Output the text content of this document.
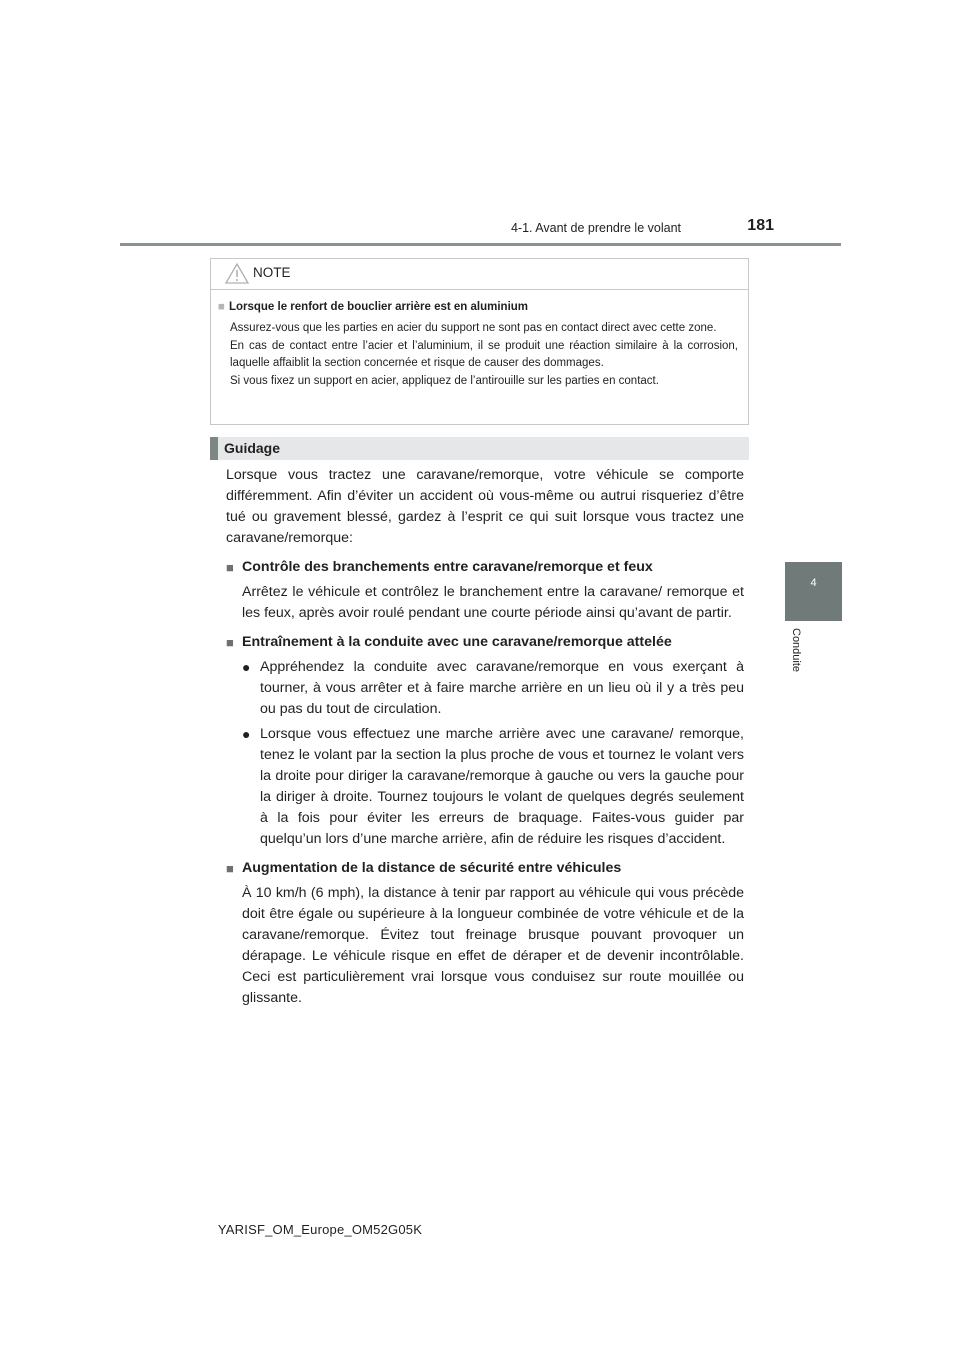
4-1. Avant de prendre le volant	181
4
Conduite
NOTE
■ Lorsque le renfort de bouclier arrière est en aluminium

Assurez-vous que les parties en acier du support ne sont pas en contact direct avec cette zone.

En cas de contact entre l’acier et l’aluminium, il se produit une réaction similaire à la corrosion, laquelle affaiblit la section concernée et risque de causer des dommages.

Si vous fixez un support en acier, appliquez de l’antirouille sur les parties en contact.

Guidage

Lorsque vous tractez une caravane/remorque, votre véhicule se comporte différemment. Afin d’éviter un accident où vous-même ou autrui risqueriez d’être tué ou gravement blessé, gardez à l’esprit ce qui suit lorsque vous tractez une caravane/remorque:

■ Contrôle des branchements entre caravane/remorque et feux

Arrêtez le véhicule et contrôlez le branchement entre la caravane/ remorque et les feux, après avoir roulé pendant une courte période ainsi qu’avant de partir.

■ Entraînement à la conduite avec une caravane/remorque attelée
● Appréhendez la conduite avec caravane/remorque en vous exerçant à tourner, à vous arrêter et à faire marche arrière en un lieu où il y a très peu ou pas du tout de circulation.
● Lorsque vous effectuez une marche arrière avec une caravane/ remorque, tenez le volant par la section la plus proche de vous et tournez le volant vers la droite pour diriger la caravane/remorque à gauche ou vers la gauche pour la diriger à droite. Tournez toujours le volant de quelques degrés seulement à la fois pour éviter les erreurs de braquage. Faites-vous guider par quelqu’un lors d’une marche arrière, afin de réduire les risques d’accident.
■ Augmentation de la distance de sécurité entre véhicules

À 10 km/h (6 mph), la distance à tenir par rapport au véhicule qui vous précède doit être égale ou supérieure à la longueur combinée de votre véhicule et de la caravane/remorque. Évitez tout freinage brusque pouvant provoquer un dérapage. Le véhicule risque en effet de déraper et de devenir incontrôlable. Ceci est particulièrement vrai lorsque vous conduisez sur route mouillée ou glissante.

YARISF_OM_Europe_OM52G05K
